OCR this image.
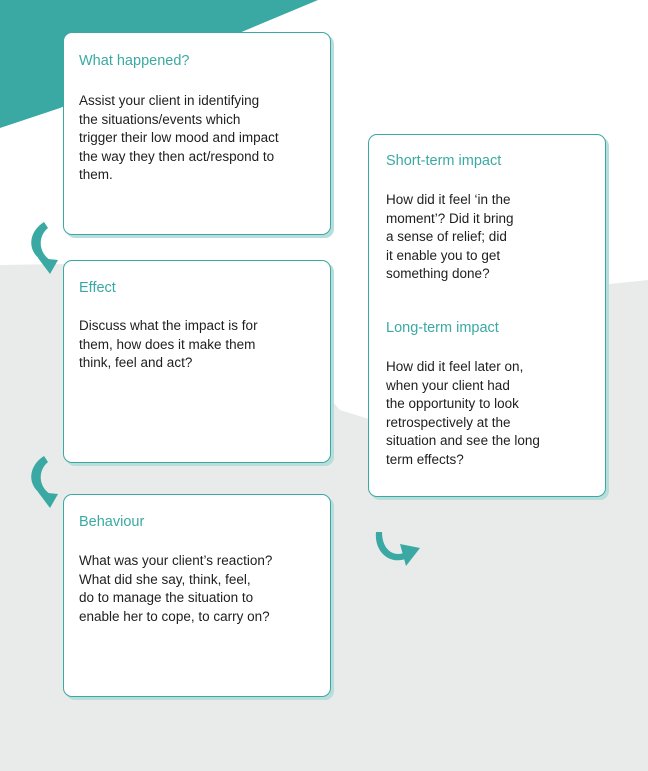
What happened?

Assist your client in identifying
the situations/events which
trigger their low mood and impact
the way they then act/respond to
them.

Effect

Discuss what the impact is for
them, how does it make them
think, feel and act?

Behaviour

What was your client’s reaction?
What did she say, think, feel,
do to manage the situation to
enable her to cope, to carry on?

Short-term impact

How did it feel ‘in the
moment’? Did it bring
a sense of relief; did
it enable you to get
something done?

Long-term impact

How did it feel later on,
when your client had
the opportunity to look
retrospectively at the
situation and see the long
term effects?
